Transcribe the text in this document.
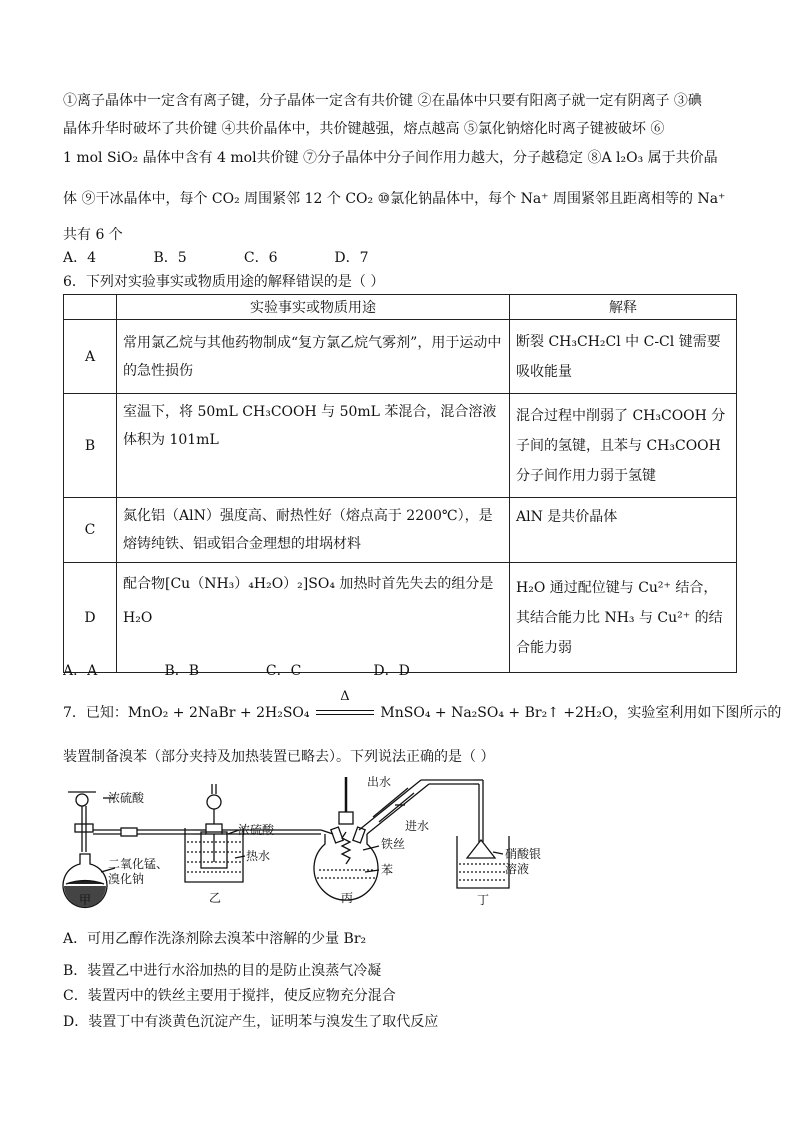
①离子晶体中一定含有离子键，分子晶体一定含有共价键 ②在晶体中只要有阳离子就一定有阴离子 ③碘
晶体升华时破坏了共价键 ④共价晶体中，共价键越强，熔点越高 ⑤氯化钠熔化时离子键被破坏 ⑥
1 mol SiO₂ 晶体中含有 4 mol共价键 ⑦分子晶体中分子间作用力越大，分子越稳定 ⑧A l₂O₃ 属于共价晶
体 ⑨干冰晶体中，每个 CO₂ 周围紧邻 12 个 CO₂ ⑩氯化钠晶体中，每个 Na⁺ 周围紧邻且距离相等的 Na⁺
共有 6 个
A．4	B．5	C．6	D．7
6．下列对实验事实或物质用途的解释错误的是（ ）
	实验事实或物质用途	解释
A	常用氯乙烷与其他药物制成“复方氯乙烷气雾剂”，用于运动中的急性损伤	断裂 CH₃CH₂Cl 中 C-Cl 键需要吸收能量
B	室温下，将 50mL CH₃COOH 与 50mL 苯混合，混合溶液体积为 101mL	混合过程中削弱了 CH₃COOH 分子间的氢键，且苯与 CH₃COOH 分子间作用力弱于氢键
C	氮化铝（AlN）强度高、耐热性好（熔点高于 2200℃），是熔铸纯铁、铝或铝合金理想的坩埚材料	AlN 是共价晶体
D	配合物[Cu（NH₃）₄H₂O）₂]SO₄ 加热时首先失去的组分是 H₂O	H₂O 通过配位键与 Cu²⁺ 结合，其结合能力比 NH₃ 与 Cu²⁺ 的结合能力弱
A．A	B．B	C．C	D．D
7．已知：MnO₂ + 2NaBr + 2H₂SO₄
Δ
MnSO₄ + Na₂SO₄ + Br₂↑ +2H₂O，实验室利用如下图所示的
装置制备溴苯（部分夹持及加热装置已略去）。下列说法正确的是（ ）
浓硫酸
二氧化锰、
溴化钠
浓硫酸
热水
出水
进水
铁丝
苯
硝酸银
溶液
甲	乙	丙	丁
A．可用乙醇作洗涤剂除去溴苯中溶解的少量 Br₂
B．装置乙中进行水浴加热的目的是防止溴蒸气冷凝
C．装置丙中的铁丝主要用于搅拌，使反应物充分混合
D．装置丁中有淡黄色沉淀产生，证明苯与溴发生了取代反应
